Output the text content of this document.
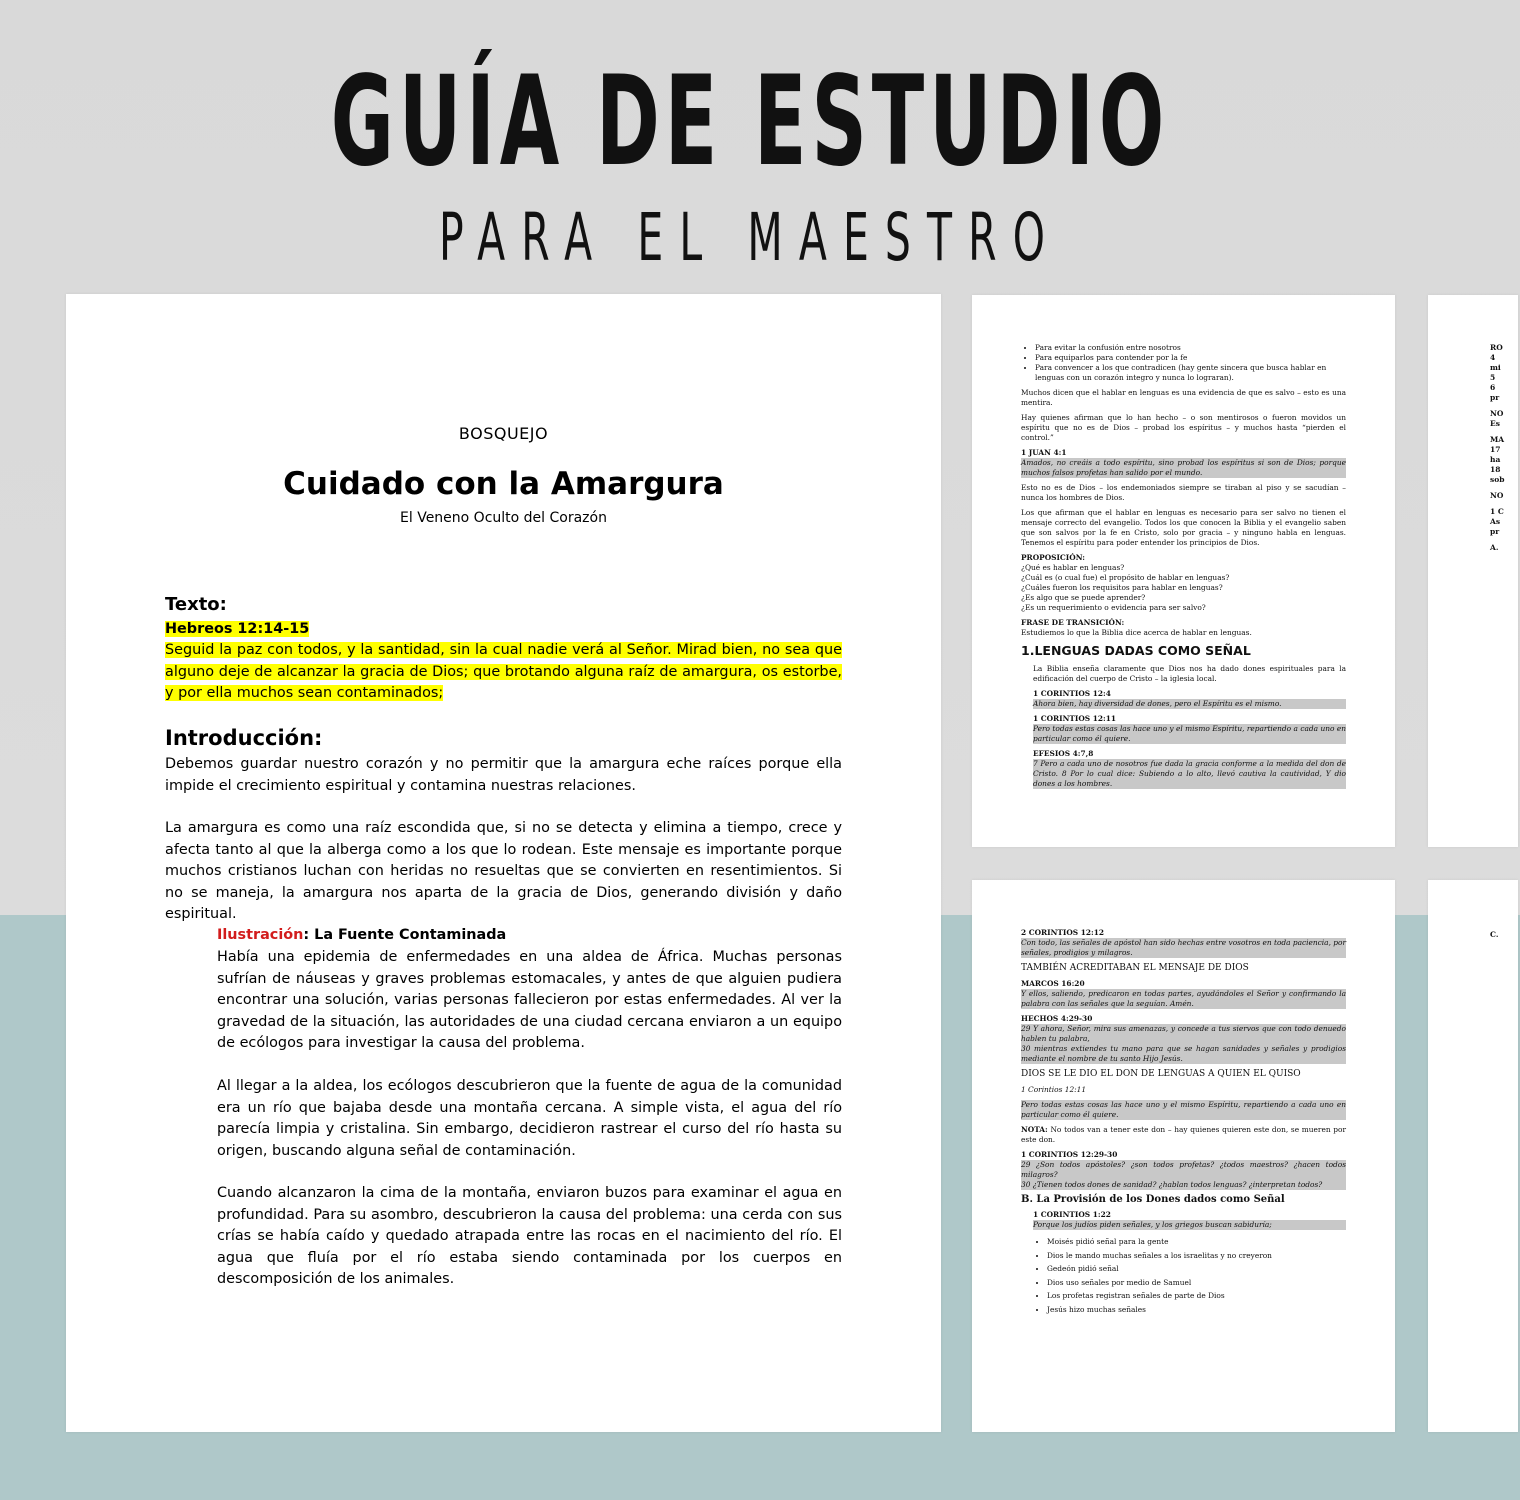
GUÍA DE ESTUDIO
PARA EL MAESTRO
BOSQUEJO
Cuidado con la Amargura
El Veneno Oculto del Corazón
Texto:
Hebreos 12:14-15
Seguid la paz con todos, y la santidad, sin la cual nadie verá al Señor. Mirad bien, no sea que alguno deje de alcanzar la gracia de Dios; que brotando alguna raíz de amargura, os estorbe, y por ella muchos sean contaminados;
Introducción:
Debemos guardar nuestro corazón y no permitir que la amargura eche raíces porque ella impide el crecimiento espiritual y contamina nuestras relaciones.
La amargura es como una raíz escondida que, si no se detecta y elimina a tiempo, crece y afecta tanto al que la alberga como a los que lo rodean. Este mensaje es importante porque muchos cristianos luchan con heridas no resueltas que se convierten en resentimientos. Si no se maneja, la amargura nos aparta de la gracia de Dios, generando división y daño espiritual.
Ilustración: La Fuente Contaminada
Había una epidemia de enfermedades en una aldea de África. Muchas personas sufrían de náuseas y graves problemas estomacales, y antes de que alguien pudiera encontrar una solución, varias personas fallecieron por estas enfermedades. Al ver la gravedad de la situación, las autoridades de una ciudad cercana enviaron a un equipo de ecólogos para investigar la causa del problema.
Al llegar a la aldea, los ecólogos descubrieron que la fuente de agua de la comunidad era un río que bajaba desde una montaña cercana. A simple vista, el agua del río parecía limpia y cristalina. Sin embargo, decidieron rastrear el curso del río hasta su origen, buscando alguna señal de contaminación.
Cuando alcanzaron la cima de la montaña, enviaron buzos para examinar el agua en profundidad. Para su asombro, descubrieron la causa del problema: una cerda con sus crías se había caído y quedado atrapada entre las rocas en el nacimiento del río. El agua que fluía por el río estaba siendo contaminada por los cuerpos en descomposición de los animales.
• Para evitar la confusión entre nosotros
• Para equiparlos para contender por la fe
• Para convencer a los que contradicen (hay gente sincera que busca hablar en lenguas con un corazón integro y nunca lo lograran).

Muchos dicen que el hablar en lenguas es una evidencia de que es salvo – esto es una mentira.

Hay quienes afirman que lo han hecho – o son mentirosos o fueron movidos un espíritu que no es de Dios – probad los espíritus – y muchos hasta “pierden el control.”

1 JUAN 4:1

Amados, no creáis a todo espíritu, sino probad los espíritus si son de Dios; porque muchos falsos profetas han salido por el mundo.

Esto no es de Dios – los endemoniados siempre se tiraban al piso y se sacudían – nunca los hombres de Dios.

Los que afirman que el hablar en lenguas es necesario para ser salvo no tienen el mensaje correcto del evangelio. Todos los que conocen la Biblia y el evangelio saben que son salvos por la fe en Cristo, solo por gracia – y ninguno habla en lenguas. Tenemos el espíritu para poder entender los principios de Dios.

PROPOSICIÓN:

¿Qué es hablar en lenguas?
¿Cuál es (o cual fue) el propósito de hablar en lenguas?
¿Cuáles fueron los requisitos para hablar en lenguas?
¿Es algo que se puede aprender?
¿Es un requerimiento o evidencia para ser salvo?

FRASE DE TRANSICIÓN:

Estudiemos lo que la Biblia dice acerca de hablar en lenguas.

1.LENGUAS DADAS COMO SEÑAL

La Biblia enseña claramente que Dios nos ha dado dones espirituales para la edificación del cuerpo de Cristo – la iglesia local.

1 CORINTIOS 12:4

Ahora bien, hay diversidad de dones, pero el Espíritu es el mismo.

1 CORINTIOS 12:11

Pero todas estas cosas las hace uno y el mismo Espíritu, repartiendo a cada uno en particular como él quiere.

EFESIOS 4:7,8

7 Pero a cada uno de nosotros fue dada la gracia conforme a la medida del don de Cristo. 8 Por lo cual dice: Subiendo a lo alto, llevó cautiva la cautividad, Y dio dones a los hombres.

2 CORINTIOS 12:12

Con todo, las señales de apóstol han sido hechas entre vosotros en toda paciencia, por señales, prodigios y milagros.

TAMBIÉN ACREDITABAN EL MENSAJE DE DIOS

MARCOS 16:20

Y ellos, saliendo, predicaron en todas partes, ayudándoles el Señor y confirmando la palabra con las señales que la seguían. Amén.

HECHOS 4:29-30

29 Y ahora, Señor, mira sus amenazas, y concede a tus siervos que con todo denuedo hablen tu palabra,

30 mientras extiendes tu mano para que se hagan sanidades y señales y prodigios mediante el nombre de tu santo Hijo Jesús.

DIOS SE LE DIO EL DON DE LENGUAS A QUIEN EL QUISO

1 Corintios 12:11

Pero todas estas cosas las hace uno y el mismo Espíritu, repartiendo a cada uno en particular como él quiere.

NOTA: No todos van a tener este don – hay quienes quieren este don, se mueren por este don.

1 CORINTIOS 12:29-30

29 ¿Son todos apóstoles? ¿son todos profetas? ¿todos maestros? ¿hacen todos milagros?

30 ¿Tienen todos dones de sanidad? ¿hablan todos lenguas? ¿interpretan todos?

B. La Provisión de los Dones dados como Señal

1 CORINTIOS 1:22

Porque los judíos piden señales, y los griegos buscan sabiduría;

• Moisés pidió señal para la gente
• Dios le mando muchas señales a los israelitas y no creyeron
• Gedeón pidió señal
• Dios uso señales por medio de Samuel
• Los profetas registran señales de parte de Dios
• Jesús hizo muchas señales
RO
4
mi
5
6
pr
NO
Es
MA
17
ha
18
sob
NO
1 C
As
pr
A.
C.
